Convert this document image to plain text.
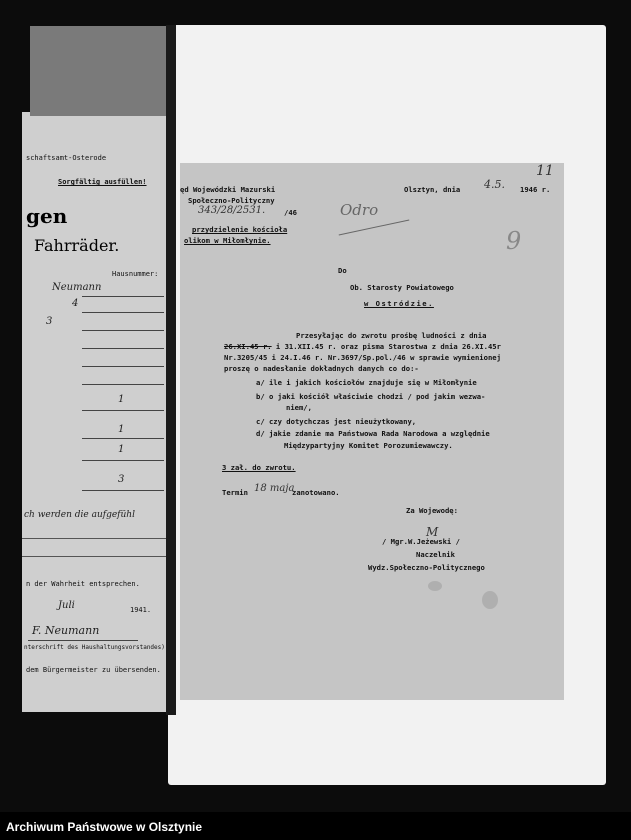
schaftsamt-Osterode
Sorgfältig ausfüllen!
gen
Fahrräder.
Hausnummer:
Neumann
4
3
1
1
1
3
ch werden die aufgefühl
n der Wahrheit entsprechen.
Juli	1941.
F. Neumann
nterschrift des Haushaltungsvorstandes)
dem Bürgermeister zu übersenden.
ęd Wojewódzki Mazurski
Społeczno-Polityczny
343/28/2531.	/46
przydzielenie kościoła
olikom w Miłomłynie.
Olsztyn, dnia 4.5. 1946 r.
11
Odro
9
Do
Ob. Starosty Powiatowego
w Ostródzie.
Przesyłając do zwrotu prośbę ludności z dnia
26.XI.45 r. i 31.XII.45 r. oraz pisma Starostwa z dnia 26.XI.45r
Nr.3205/45 i 24.I.46 r. Nr.3697/Sp.pol./46 w sprawie wymienionej
proszę o nadesłanie dokładnych danych co do:-
a/ ile i jakich kościołów znajduje się w Miłomłynie
b/ o jaki kościół właściwie chodzi / pod jakim wezwa-
niem/,
c/ czy dotychczas jest nieużytkowany,
d/ jakie zdanie ma Państwowa Rada Narodowa a względnie
Międzypartyjny Komitet Porozumiewawczy.
3 zał. do zwrotu.
Termin 18 maja
zanotowano.
Za Wojewodę:
/ Mgr.W.Jeżewski /
M
Naczelnik
Wydz.Społeczno-Politycznego
Archiwum Państwowe w Olsztynie
